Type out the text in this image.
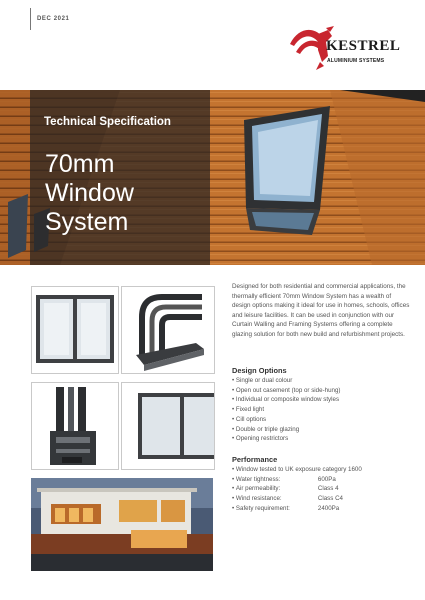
DEC 2021
KESTREL
ALUMINIUM SYSTEMS
Technical Specification
70mm Window System
Designed for both residential and commercial applications, the thermally efficient 70mm Window System has a wealth of design options making it ideal for use in homes, schools, offices and leisure facilities. It can be used in conjunction with our Curtain Walling and Framing Systems offering a complete glazing solution for both new build and refurbishment projects.
Design Options
• Single or dual colour
• Open out casement (top or side-hung)
• Individual or composite window styles
• Fixed light
• Cill options
• Double or triple glazing
• Opening restrictors
Performance
• Window tested to UK exposure category 1600
• Water tightness:	600Pa
• Air permeability:	Class 4
• Wind resistance:	Class C4
• Safety requirement:	2400Pa
